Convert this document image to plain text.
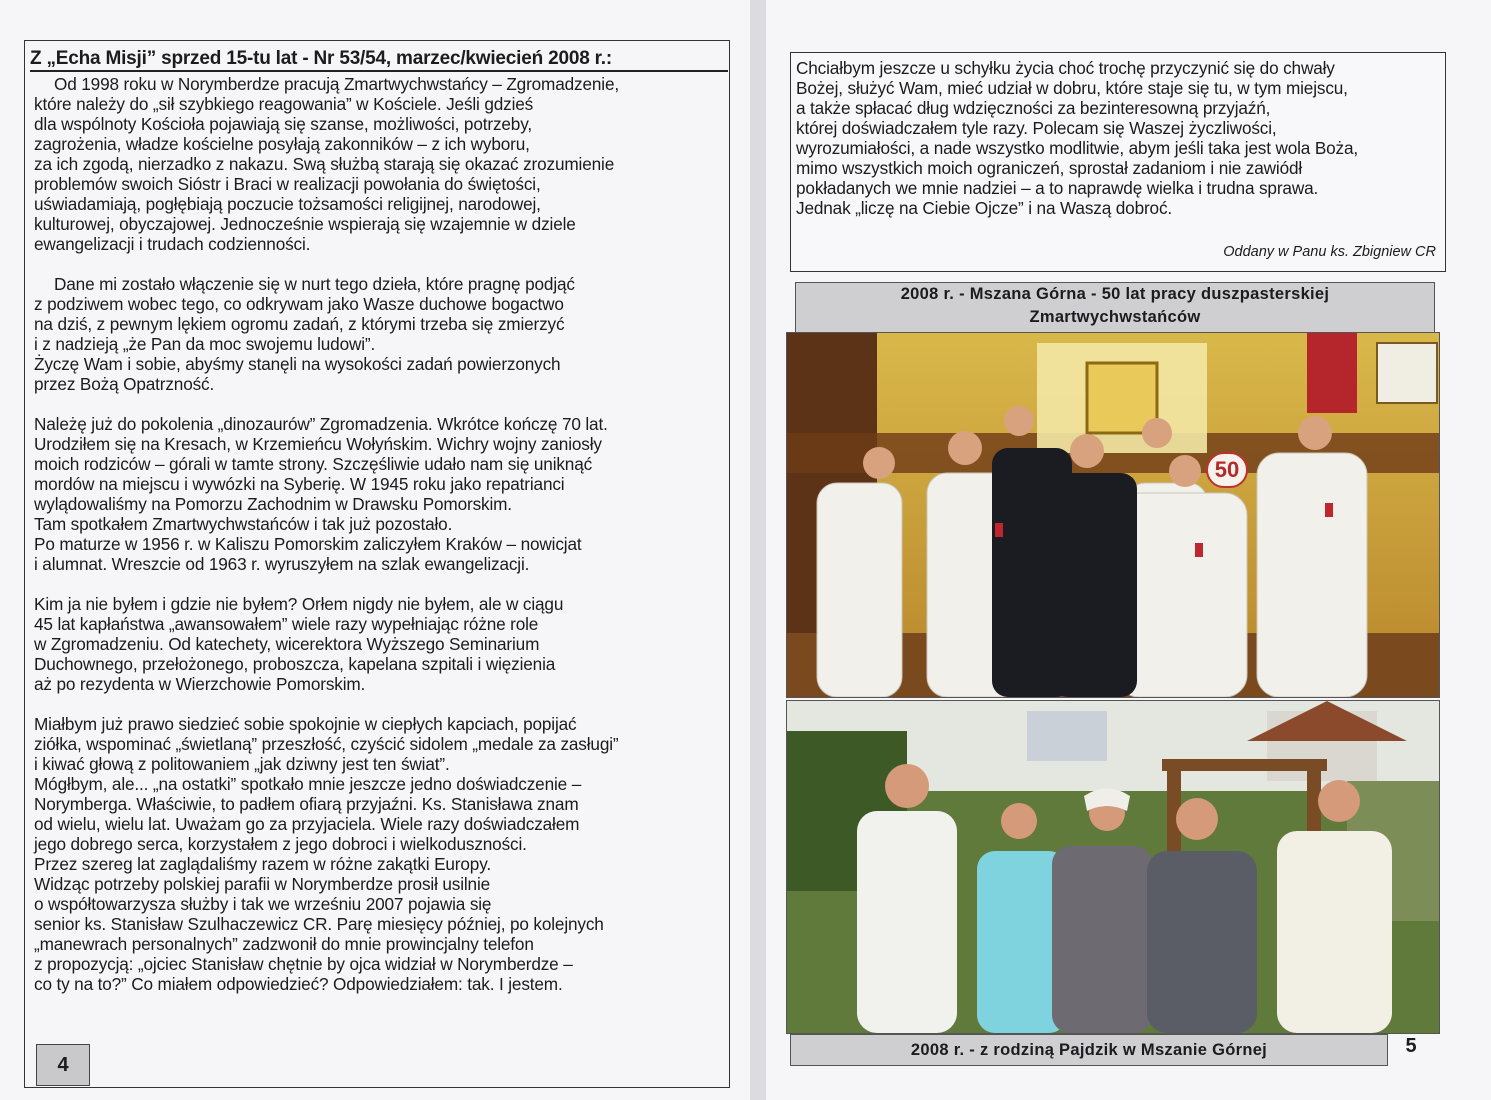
Z „Echa Misji” sprzed 15-tu lat - Nr 53/54, marzec/kwiecień 2008 r.:

Od 1998 roku w Norymberdze pracują Zmartwychwstańcy – Zgromadzenie,
które należy do „sił szybkiego reagowania” w Kościele. Jeśli gdzieś
dla wspólnoty Kościoła pojawiają się szanse, możliwości, potrzeby,
zagrożenia, władze kościelne posyłają zakonników – z ich wyboru,
za ich zgodą, nierzadko z nakazu. Swą służbą starają się okazać zrozumienie
problemów swoich Sióstr i Braci w realizacji powołania do świętości,
uświadamiają, pogłębiają poczucie tożsamości religijnej, narodowej,
kulturowej, obyczajowej. Jednocześnie wspierają się wzajemnie w dziele
ewangelizacji i trudach codzienności.

Dane mi zostało włączenie się w nurt tego dzieła, które pragnę podjąć
z podziwem wobec tego, co odkrywam jako Wasze duchowe bogactwo
na dziś, z pewnym lękiem ogromu zadań, z którymi trzeba się zmierzyć
i z nadzieją „że Pan da moc swojemu ludowi”.
Życzę Wam i sobie, abyśmy stanęli na wysokości zadań powierzonych
przez Bożą Opatrzność.

Należę już do pokolenia „dinozaurów” Zgromadzenia. Wkrótce kończę 70 lat.
Urodziłem się na Kresach, w Krzemieńcu Wołyńskim. Wichry wojny zaniosły
moich rodziców – górali w tamte strony. Szczęśliwie udało nam się uniknąć
mordów na miejscu i wywózki na Syberię. W 1945 roku jako repatrianci
wylądowaliśmy na Pomorzu Zachodnim w Drawsku Pomorskim.
Tam spotkałem Zmartwychwstańców i tak już pozostało.
Po maturze w 1956 r. w Kaliszu Pomorskim zaliczyłem Kraków – nowicjat
i alumnat. Wreszcie od 1963 r. wyruszyłem na szlak ewangelizacji.

Kim ja nie byłem i gdzie nie byłem? Orłem nigdy nie byłem, ale w ciągu
45 lat kapłaństwa „awansowałem” wiele razy wypełniając różne role
w Zgromadzeniu. Od katechety, wicerektora Wyższego Seminarium
Duchownego, przełożonego, proboszcza, kapelana szpitali i więzienia
aż po rezydenta w Wierzchowie Pomorskim.

Miałbym już prawo siedzieć sobie spokojnie w ciepłych kapciach, popijać
ziółka, wspominać „świetlaną” przeszłość, czyścić sidolem „medale za zasługi”
i kiwać głową z politowaniem „jak dziwny jest ten świat”.
Mógłbym, ale... „na ostatki” spotkało mnie jeszcze jedno doświadczenie –
Norymberga. Właściwie, to padłem ofiarą przyjaźni. Ks. Stanisława znam
od wielu, wielu lat. Uważam go za przyjaciela. Wiele razy doświadczałem
jego dobrego serca, korzystałem z jego dobroci i wielkoduszności.
Przez szereg lat zaglądaliśmy razem w różne zakątki Europy.
Widząc potrzeby polskiej parafii w Norymberdze prosił usilnie
o współtowarzysza służby i tak we wrześniu 2007 pojawia się
senior ks. Stanisław Szulhaczewicz CR. Parę miesięcy później, po kolejnych
„manewrach personalnych” zadzwonił do mnie prowincjalny telefon
z propozycją: „ojciec Stanisław chętnie by ojca widział w Norymberdze –
co ty na to?” Co miałem odpowiedzieć? Odpowiedziałem: tak. I jestem.

4
Chciałbym jeszcze u schyłku życia choć trochę przyczynić się do chwały
Bożej, służyć Wam, mieć udział w dobru, które staje się tu, w tym miejscu,
a także spłacać dług wdzięczności za bezinteresowną przyjaźń,
której doświadczałem tyle razy. Polecam się Waszej życzliwości,
wyrozumiałości, a nade wszystko modlitwie, abym jeśli taka jest wola Boża,
mimo wszystkich moich ograniczeń, sprostał zadaniom i nie zawiódł
pokładanych we mnie nadziei – a to naprawdę wielka i trudna sprawa.
Jednak „liczę na Ciebie Ojcze” i na Waszą dobroć.
Oddany w Panu ks. Zbigniew CR
2008 r. - Mszana Górna - 50 lat pracy duszpasterskiej
Zmartwychwstańców
50
2008 r. - z rodziną Pajdzik w Mszanie Górnej	5
